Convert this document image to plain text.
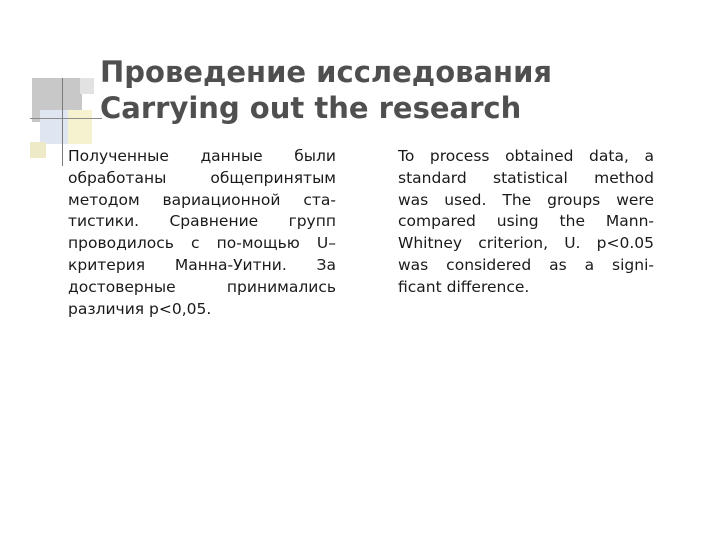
Проведение исследования
Carrying out the research
Полученные данные были
обработаны общепринятым
методом вариационной ста-
тистики. Сравнение групп
проводилось с по-мощью U–
критерия Манна-Уитни. За
достоверные принимались
различия p<0,05.
To process obtained data, a
standard statistical method
was used. The groups were
compared using the Mann-
Whitney criterion, U. p<0.05
was considered as a signi-
ficant difference.
